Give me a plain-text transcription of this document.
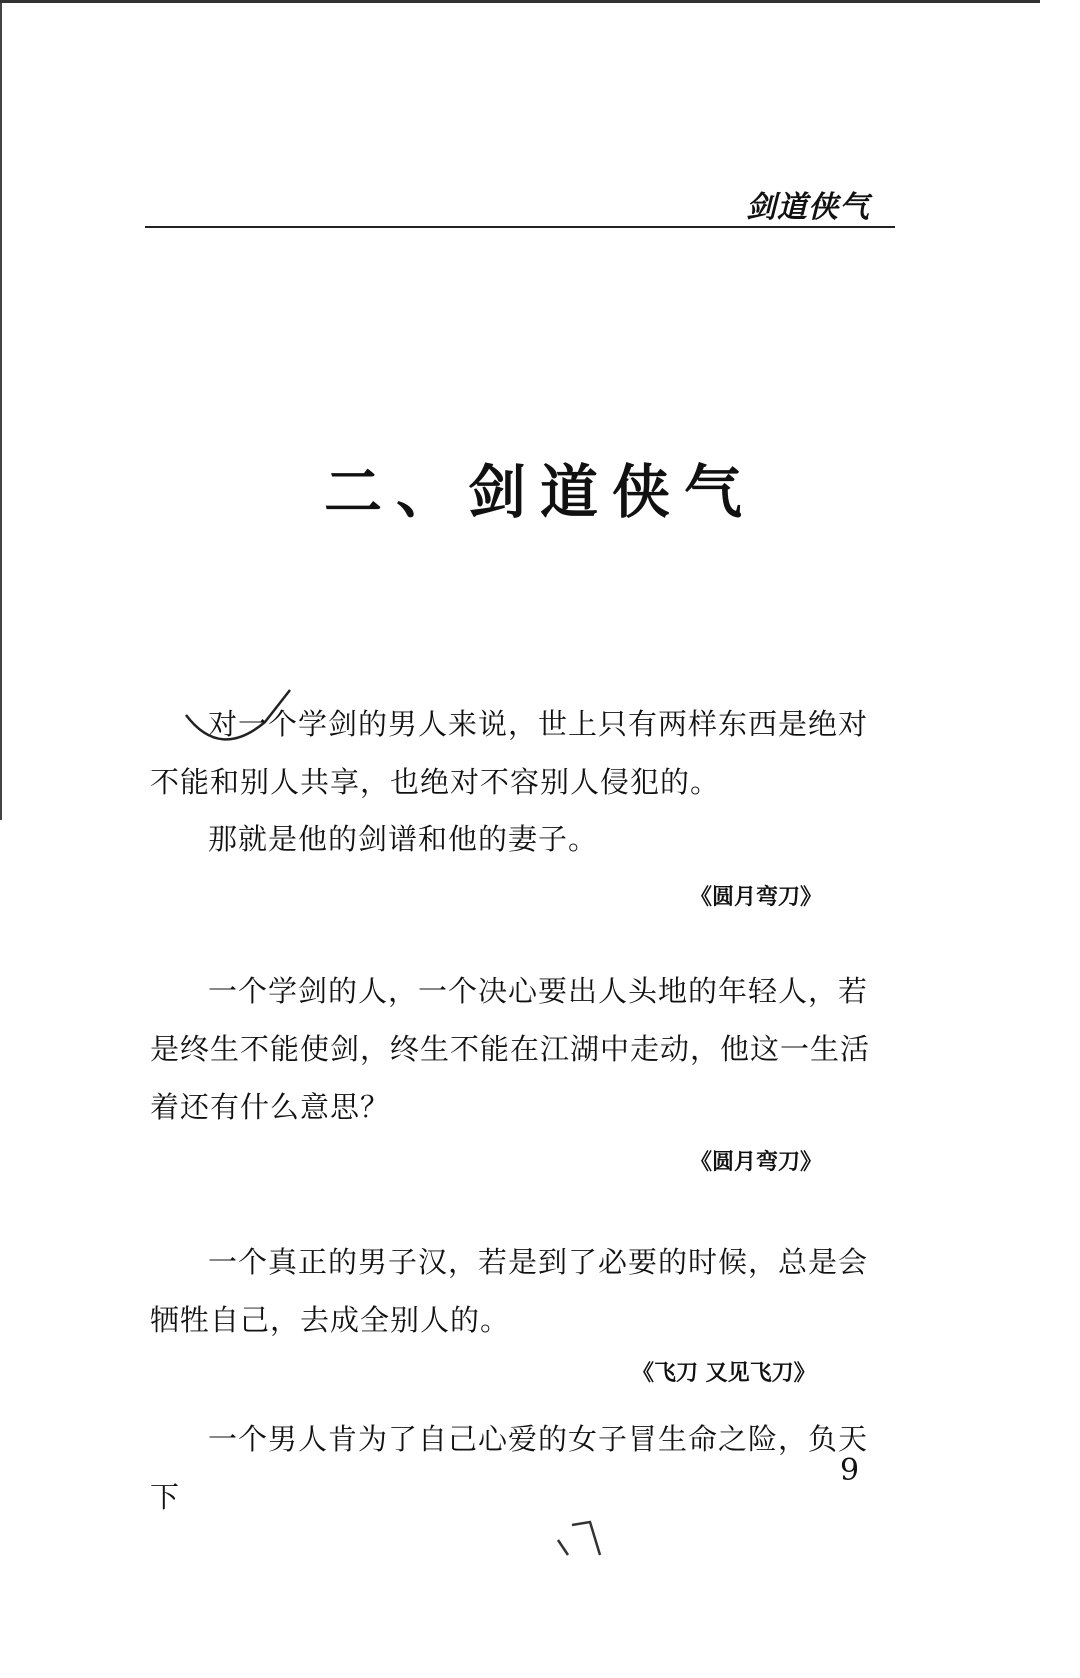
剑道侠气
二、剑道侠气

对一个学剑的男人来说，世上只有两样东西是绝对不能和别人共享，也绝对不容别人侵犯的。

那就是他的剑谱和他的妻子。

《圆月弯刀》

一个学剑的人，一个决心要出人头地的年轻人，若是终生不能使剑，终生不能在江湖中走动，他这一生活着还有什么意思？

《圆月弯刀》

一个真正的男子汉，若是到了必要的时候，总是会牺牲自己，去成全别人的。

《飞刀 又见飞刀》

一个男人肯为了自己心爱的女子冒生命之险，负天下

9
